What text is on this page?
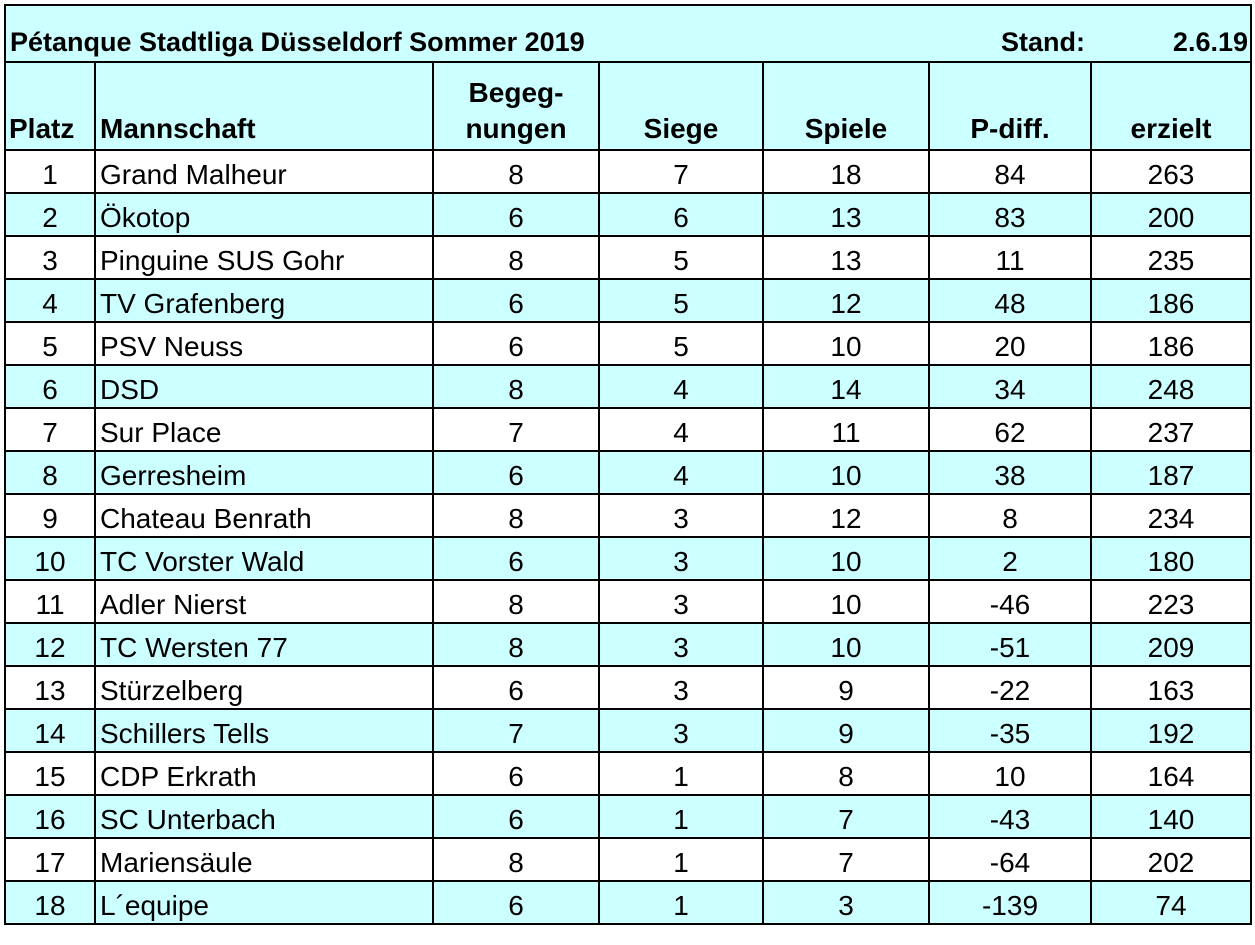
Pétanque Stadtliga Düsseldorf Sommer 2019					Stand:	2.6.19
Platz	Mannschaft	Begeg-
nungen	Siege	Spiele	P-diff.	erzielt
1	Grand Malheur	8	7	18	84	263
2	Ökotop	6	6	13	83	200
3	Pinguine SUS Gohr	8	5	13	11	235
4	TV Grafenberg	6	5	12	48	186
5	PSV Neuss	6	5	10	20	186
6	DSD	8	4	14	34	248
7	Sur Place	7	4	11	62	237
8	Gerresheim	6	4	10	38	187
9	Chateau Benrath	8	3	12	8	234
10	TC Vorster Wald	6	3	10	2	180
11	Adler Nierst	8	3	10	-46	223
12	TC Wersten 77	8	3	10	-51	209
13	Stürzelberg	6	3	9	-22	163
14	Schillers Tells	7	3	9	-35	192
15	CDP Erkrath	6	1	8	10	164
16	SC Unterbach	6	1	7	-43	140
17	Mariensäule	8	1	7	-64	202
18	L´equipe	6	1	3	-139	74
